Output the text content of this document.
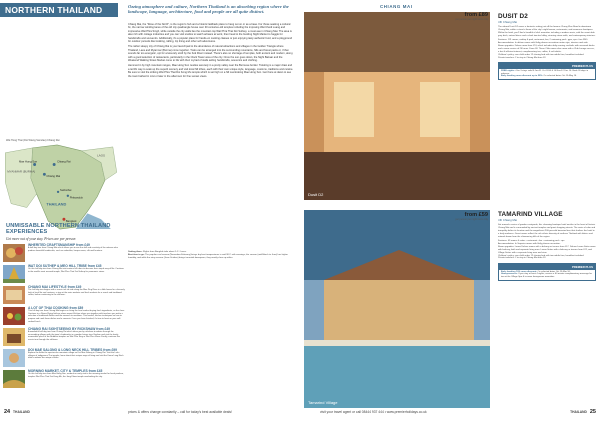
NORTHERN THAILAND	Ozzing atmosphere and culture, Northern Thailand is an absorbing region where the landscape, language, architecture, food and people are all quite distinct.

Chiang Mai, the "Rose of the North", is the region's hub and a historic laidback place to hang out on or as a base. For those seeking a cultural fix, the narrow winding lanes of the old city quadrangle house over 30 centuries-old temples including the imposing Wat Chedi Luang and impressive Wat Phra Singh, while outside the city walls lies the mountain top Wat Phra That Doi Suthep, a must-see in Chiang Mai. The area is also rich with cottage industries and you can visit studios to watch artisans at work, then head to the bustling Night Market to haggle for handicrafts and souvenirs. Additionally, it's a popular place for hands-on cooking classes or just enjoying tasty authentic food, and a playground for outdoor pursuits like trekking, rafting, zip lining and other soft adventures.

The rather sleepy city of Chiang Rai is your launchpad to the abundance of natural attractions and villages in the Golden Triangle where Thailand, Laos and Myanmar (Burma) come together. Treks can be arranged into the surrounding mountains, hills and forest parks or, if that sounds far too energetic, opt for a leisurely stroll by the Kok River instead. There's also no shortage of temples, both ancient and modern, along with a good selection of restaurants, particularly in the Clock Tower area of the city. Once the sun goes down, the Night Bazaar and the Weekend Walking Street Market come to life with their myriad of stalls selling handicrafts, souvenirs and clothing.

Hemmed in by high mountain ranges, Mae Hong Son nestles serenely in a pretty valley near the Burmese border. Trekking is a major draw and a terrific way to soak up the superb scenery and visit local hill tribes, each with their own unique style, language, customs, traditions and cuisine. Be sure to visit the striking Wat Phra That Doi Kong Mu temple which is set high on a hill overlooking Mae Hong Son. Get there at dawn to see the town bathed in mist or later in the afternoon for fine sunset views.

Getting there: Flights from Bangkok take about 1-1½ hours.

Best time to go: The popular cool season (November-February) brings dry best temperatures in mid 30°C with evenings; the season (mid-March to June) has higher humidity, and while the rainy season (June-October) brings torrential downpours, they mostly clear up within.

Wat Hong Thai (Doi Wiang Samdao) Chiang Rai
MYANMAR (BURMA)
Mae Hong Son	Chiang Rai
Chiang Mai
THAILAND
Bangkok
Sukhothai
Phitsanulok
LAOS
UNMISSABLE NORTHERN THAILAND EXPERIENCES
Get more out of your stay. Prices are per person
INHERITED CRAFTSMANSHIP from £49
A half day tour from Chiang Mai which allows you to see the skill and creativity of the artisans who produce beautiful handicrafts, such as umbrellas, lacquer ware, silk and furniture.
WAT DOI SUTHEP & MEO HILL TRIBE from £45
On this half day tour from Chiang Mai visit various hill tribes to discover their simple way of life. Continue to the world's most revered temple, Wat Phra That Doi Suthep for panoramic views.
CHIANG MAI LIFESTYLE from £49
The half day tour begins with a scenic tuk tuk ride along the Mae Ping River in a little house for a leisurely look at local life and customs, a stop at the main markets and fresh markets for a snack and traditional coffee, before continuing to the old town.
A LOT OF THAI COOKING from £89
This full day tour from Chiang Mai begins as hiring the local market buying fresh ingredients, so the class. Continue to a Roses Flying kitchen where expert Kitchen where you together with teachers you make a selection of traditional dishes and the answers to mealtime. This market, kitchen techniques on how to prepare and cook these dishes and a souvenir. Once you have finished, it's time to feast on your self-cooked lunch.
CHIANG RAI SIGHTSEEING BY RICKSHAW from £49
A wonderful half day tour from Chiang Rai which takes you by rickshaw to admire through the surrounding villages with the town's landmarks in a garden leisure tour. Explore and visit the lovely memorable place of the Buddhist temples as Wat Phra Sing or Wat Phra Kaew. Finally, continue this scenic tour through the old town.
DOI MAE SALONG & LONG NECK HILL TRIBES from £99
Explore the fields the spectacular mountain village on Doi Mae Salong in Chiang Rai. Visit the Lahu villages of indigenous Thai people, learn about their unique ways of living and visit the Karen Long Neck tribe to admire the unique culture.
MORNING MARKET, CITY & TEMPLES from £45
On this half day tour from Mae Hong Son, embark on early visit to the morning market for fresh produce, temples Wat Phra That Doi Kong Mu, the Jong Kham temple overlooking the city.
24 THAILAND	prices & offers change constantly – call for today's best available deals!
CHIANG MAI
Dusit D2
Tamarind Village
from £89
per person per night room only
from £59
per person per night room only
DUSIT D2
4★ Chiang Mai

The vibrant Dusit D2 oozes a fantastic setting just off the famous Chang Klan Road in downtown Chiang Mai, within a stone's throw of the city's night bazaar, restaurants, and numerous boutiques. Within the hotel, you'll find a handful of slick amenities including a modern oasis, with the smart dark grey brick, natural decor and a sleek two-tier lobby, stunning stone walls, and contemporary interiors.

Features: 131 rooms, rooftop & pool, restaurant, bar, 2 swimming pool • gym, spa • free WiFi

Accommodation: In deluxe rooms with flatly plasma recreation-center-stye, interiors and safe.

Room upgrades: Deluxe room from £74, which includes daily evening cocktails with seasonal drinks and a room service of 24 hours. From £8. These Club rooms also come with a Club Lounge access, a fast & efficient internet, complimentary tea, coffee, & soft drinks.

Children's policy: one child under 12 sharing bed with two adults free, breakfast included.

Private transfers: 2 to stay in Chiang Mai from £9

PREMIER PLUS

FREE nights: 4 for 3 stays valid 6 Jan-31 Oct 2016 & 10 Nov-12 Dec 16. Book 30 days in advance.

Early booking room discount up to 20%: On selected dates Oct 15-May 16.

TAMARIND VILLAGE
4★ Chiang Mai

Set around a series of garden courtyards, this charming boutique hotel nestles in the heart of historic Chiang Mai and is surrounded by ancient temples and great shopping streets. The oasis of calm and tranquility belies its location and the magnificent 200-year-old tamarind tree that shelters the hotel in a leafy embrace. Guest rooms reflect the rich ethnic diversity of northern Thailand with fabrics and artwork drawn from the shimmering hills of the region.

Features: 45 rooms & suites • restaurant • bar • swimming pool • spa

Accommodation: In Superior rooms with flatly plasma recreation.

Room upgrades: Lanna Deluxe rooms with a balcony or terrace from £17. Deluxe Lanna Suite rooms with balcony, bath and separate living area. Lanna Suites with a balcony or terrace from £22, and Village Suites with a separate living area and view.

Children's policy: one child under 12 sharing bed with two adults free, breakfast included.

Private transfers: 2 to stay in Chiang Mai from £9

PREMIER PLUS

Early booking 10% room discount: On selected dates Oct 15-Mar 16.

Honeymooners: If you stay at least 4 nights, receive a 60 minute complimentary massage for two at the Village Spa & in-room honeymoon amenities.

visit your travel agent or call 08444 937 444 • www.premierholidays.co.uk	THAILAND 25
